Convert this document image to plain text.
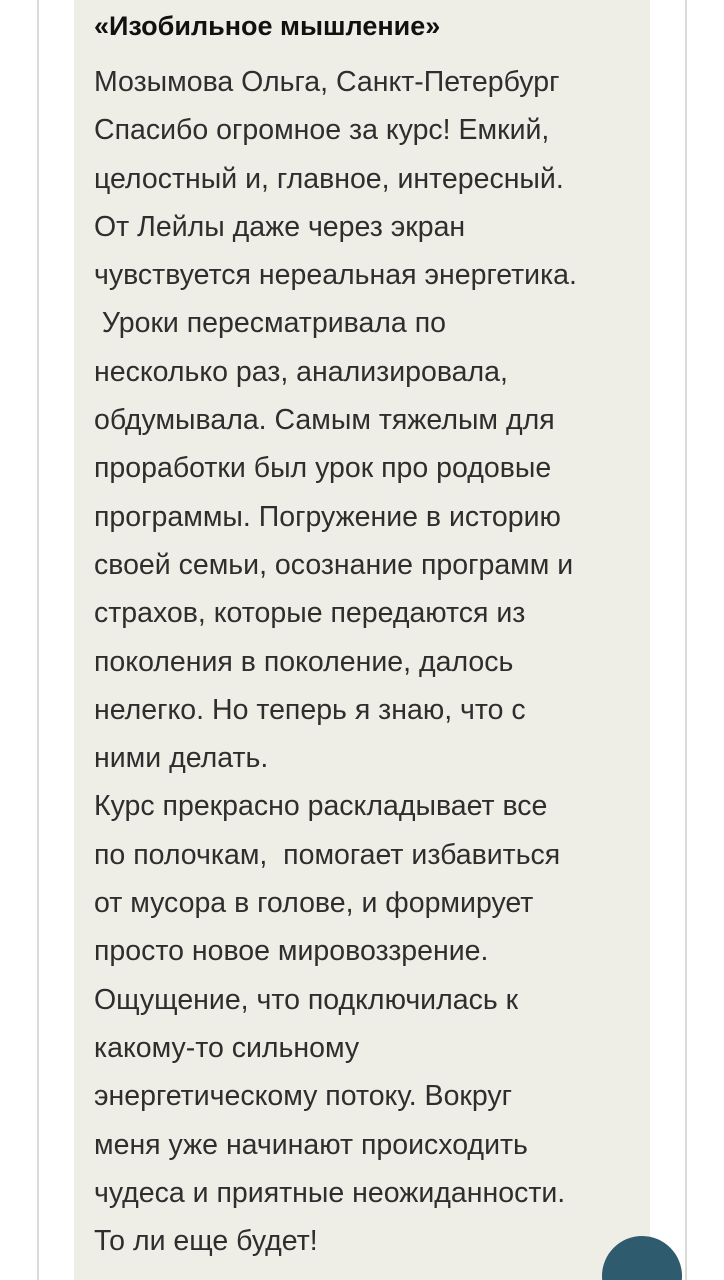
«Изобильное мышление»
Мозымова Ольга, Санкт-Петербург
Спасибо огромное за курс! Емкий,
целостный и, главное, интересный.
От Лейлы даже через экран
чувствуется нереальная энергетика.
Уроки пересматривала по
несколько раз, анализировала,
обдумывала. Самым тяжелым для
проработки был урок про родовые
программы. Погружение в историю
своей семьи, осознание программ и
страхов, которые передаются из
поколения в поколение, далось
нелегко. Но теперь я знаю, что с
ними делать.
Курс прекрасно раскладывает все
по полочкам,  помогает избавиться
от мусора в голове, и формирует
просто новое мировоззрение.
Ощущение, что подключилась к
какому-то сильному
энергетическому потоку. Вокруг
меня уже начинают происходить
чудеса и приятные неожиданности.
То ли еще будет!
